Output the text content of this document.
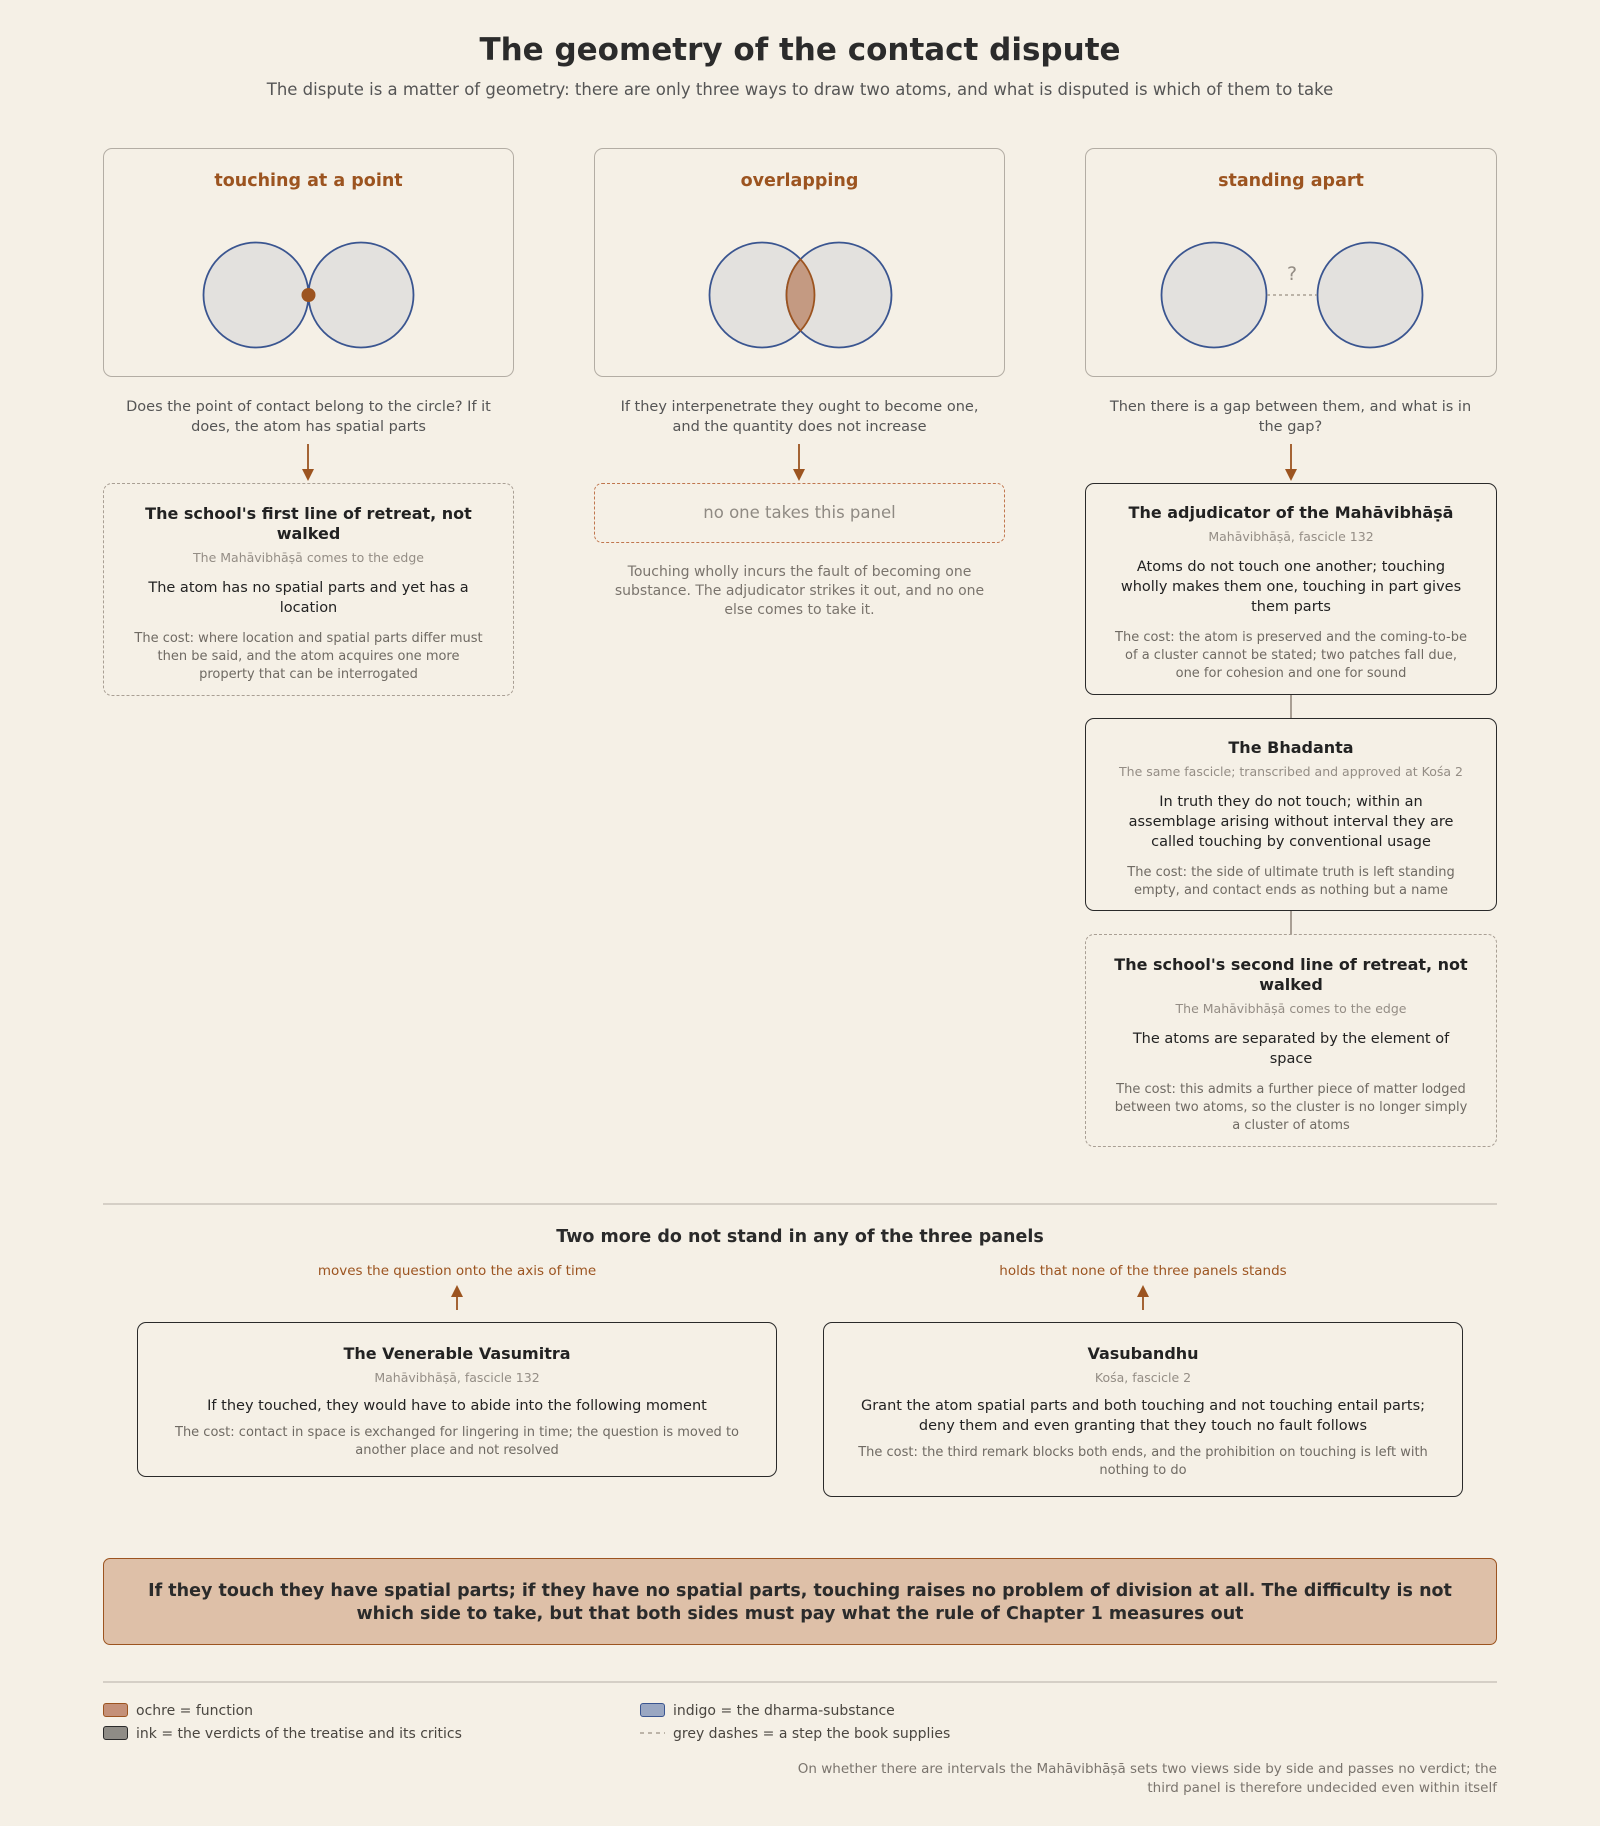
The geometry of the contact dispute
The dispute is a matter of geometry: there are only three ways to draw two atoms, and what is disputed is which of them to take
touching at a point	overlapping	standing apart
?
Does the point of contact belong to the circle? If it does, the atom has spatial parts
If they interpenetrate they ought to become one, and the quantity does not increase
Then there is a gap between them, and what is in the gap?
The school's first line of retreat, not walked
The Mahāvibhāṣā comes to the edge
The atom has no spatial parts and yet has a location
The cost: where location and spatial parts differ must then be said, and the atom acquires one more property that can be interrogated
no one takes this panel
Touching wholly incurs the fault of becoming one substance. The adjudicator strikes it out, and no one else comes to take it.
The adjudicator of the Mahāvibhāṣā
Mahāvibhāṣā, fascicle 132
Atoms do not touch one another; touching wholly makes them one, touching in part gives them parts
The cost: the atom is preserved and the coming-to-be of a cluster cannot be stated; two patches fall due, one for cohesion and one for sound
The Bhadanta
The same fascicle; transcribed and approved at Kośa 2
In truth they do not touch; within an assemblage arising without interval they are called touching by conventional usage
The cost: the side of ultimate truth is left standing empty, and contact ends as nothing but a name
The school's second line of retreat, not walked
The Mahāvibhāṣā comes to the edge
The atoms are separated by the element of space
The cost: this admits a further piece of matter lodged between two atoms, so the cluster is no longer simply a cluster of atoms
Two more do not stand in any of the three panels
moves the question onto the axis of time	holds that none of the three panels stands
The Venerable Vasumitra
Mahāvibhāṣā, fascicle 132
If they touched, they would have to abide into the following moment
The cost: contact in space is exchanged for lingering in time; the question is moved to another place and not resolved
Vasubandhu
Kośa, fascicle 2
Grant the atom spatial parts and both touching and not touching entail parts; deny them and even granting that they touch no fault follows
The cost: the third remark blocks both ends, and the prohibition on touching is left with nothing to do
If they touch they have spatial parts; if they have no spatial parts, touching raises no problem of division at all. The difficulty is not which side to take, but that both sides must pay what the rule of Chapter 1 measures out
ochre = function
ink = the verdicts of the treatise and its critics
indigo = the dharma-substance
grey dashes = a step the book supplies
On whether there are intervals the Mahāvibhāṣā sets two views side by side and passes no verdict; the third panel is therefore undecided even within itself
